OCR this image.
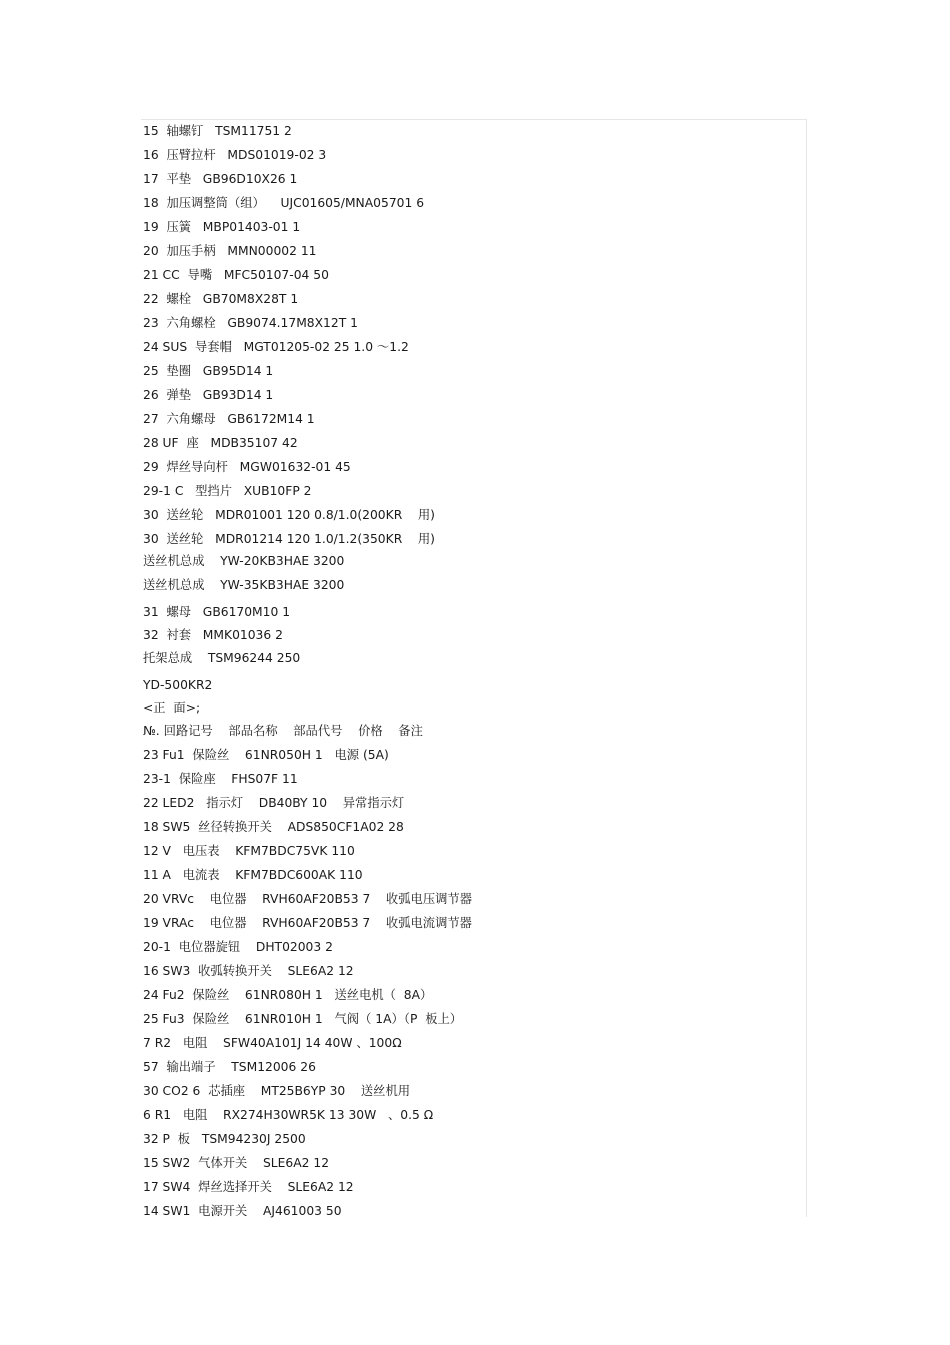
15  轴螺钉   TSM11751 2
16  压臂拉杆   MDS01019-02 3
17  平垫   GB96D10X26 1
18  加压调整筒（组）    UJC01605/MNA05701 6
19  压簧   MBP01403-01 1
20  加压手柄   MMN00002 11
21 CC  导嘴   MFC50107-04 50
22  螺栓   GB70M8X28T 1
23  六角螺栓   GB9074.17M8X12T 1
24 SUS  导套帽   MGT01205-02 25 1.0 ～1.2
25  垫圈   GB95D14 1
26  弹垫   GB93D14 1
27  六角螺母   GB6172M14 1
28 UF  座   MDB35107 42
29  焊丝导向杆   MGW01632-01 45
29-1 C   型挡片   XUB10FP 2
30  送丝轮   MDR01001 120 0.8/1.0(200KR    用)
30  送丝轮   MDR01214 120 1.0/1.2(350KR    用)
送丝机总成    YW-20KB3HAE 3200
送丝机总成    YW-35KB3HAE 3200
31  螺母   GB6170M10 1
32  衬套   MMK01036 2
托架总成    TSM96244 250
YD-500KR2
<正  面>;
№. 回路记号    部品名称    部品代号    价格    备注
23 Fu1  保险丝    61NR050H 1   电源 (5A)
23-1  保险座    FHS07F 11
22 LED2   指示灯    DB40BY 10    异常指示灯
18 SW5  丝径转换开关    ADS850CF1A02 28
12 V   电压表    KFM7BDC75VK 110
11 A   电流表    KFM7BDC600AK 110
20 VRVc    电位器    RVH60AF20B53 7    收弧电压调节器
19 VRAc    电位器    RVH60AF20B53 7    收弧电流调节器
20-1  电位器旋钮    DHT02003 2
16 SW3  收弧转换开关    SLE6A2 12
24 Fu2  保险丝    61NR080H 1   送丝电机（  8A）
25 Fu3  保险丝    61NR010H 1   气阀（ 1A）（P  板上）
7 R2   电阻    SFW40A101J 14 40W 、100Ω
57  输出端子    TSM12006 26
30 CO2 6  芯插座    MT25B6YP 30    送丝机用
6 R1   电阻    RX274H30WR5K 13 30W   、0.5 Ω
32 P  板   TSM94230J 2500
15 SW2  气体开关    SLE6A2 12
17 SW4  焊丝选择开关    SLE6A2 12
14 SW1  电源开关    AJ461003 50
